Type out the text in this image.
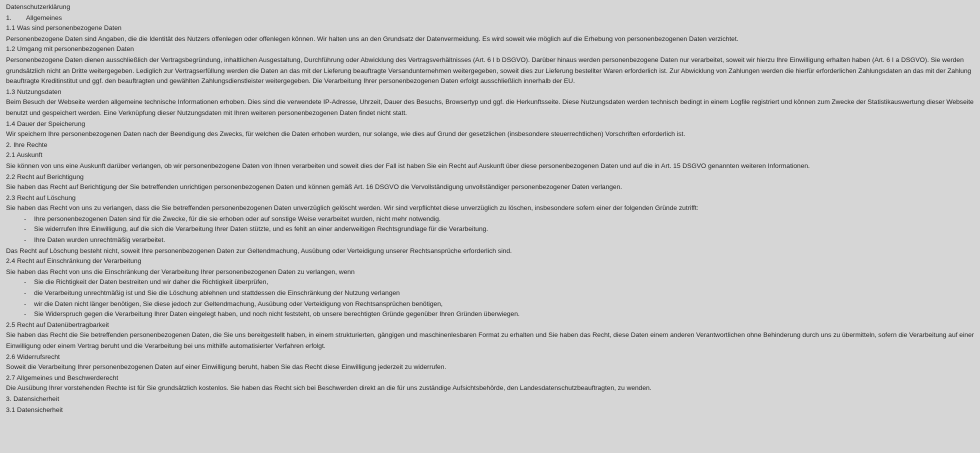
Datenschutzerklärung
1. Allgemeines
1.1 Was sind personenbezogene Daten
Personenbezogene Daten sind Angaben, die die Identität des Nutzers offenlegen oder offenlegen können. Wir halten uns an den Grundsatz der Datenvermeidung. Es wird soweit wie möglich auf die Erhebung von personenbezogenen Daten verzichtet.
1.2 Umgang mit personenbezogenen Daten
Personenbezogene Daten dienen ausschließlich der Vertragsbegründung, inhaltlichen Ausgestaltung, Durchführung oder Abwicklung des Vertragsverhältnisses (Art. 6 I b DSGVO). Darüber hinaus werden personenbezogene Daten nur verarbeitet, soweit wir hierzu Ihre Einwilligung erhalten haben (Art. 6 I a DSGVO). Sie werden grundsätzlich nicht an Dritte weitergegeben. Lediglich zur Vertragserfüllung werden die Daten an das mit der Lieferung beauftragte Versandunternehmen weitergegeben, soweit dies zur Lieferung bestellter Waren erforderlich ist. Zur Abwicklung von Zahlungen werden die hierfür erforderlichen Zahlungsdaten an das mit der Zahlung beauftragte Kreditinstitut und ggf. den beauftragten und gewählten Zahlungsdienstleister weitergegeben. Die Verarbeitung Ihrer personenbezogenen Daten erfolgt ausschließlich innerhalb der EU.
1.3 Nutzungsdaten
Beim Besuch der Webseite werden allgemeine technische Informationen erhoben. Dies sind die verwendete IP-Adresse, Uhrzeit, Dauer des Besuchs, Browsertyp und ggf. die Herkunftsseite. Diese Nutzungsdaten werden technisch bedingt in einem Logfile registriert und können zum Zwecke der Statistikauswertung dieser Webseite benutzt und gespeichert werden. Eine Verknüpfung dieser Nutzungsdaten mit Ihren weiteren personenbezogenen Daten findet nicht statt.
1.4 Dauer der Speicherung
Wir speichern Ihre personenbezogenen Daten nach der Beendigung des Zwecks, für welchen die Daten erhoben wurden, nur solange, wie dies auf Grund der gesetzlichen (insbesondere steuerrechtlichen) Vorschriften erforderlich ist.
2. Ihre Rechte
2.1 Auskunft
Sie können von uns eine Auskunft darüber verlangen, ob wir personenbezogene Daten von Ihnen verarbeiten und soweit dies der Fall ist haben Sie ein Recht auf Auskunft über diese personenbezogenen Daten und auf die in Art. 15 DSGVO genannten weiteren Informationen.
2.2 Recht auf Berichtigung
Sie haben das Recht auf Berichtigung der Sie betreffenden unrichtigen personenbezogenen Daten und können gemäß Art. 16 DSGVO die Vervollständigung unvollständiger personenbezogener Daten verlangen.
2.3 Recht auf Löschung
Sie haben das Recht von uns zu verlangen, dass die Sie betreffenden personenbezogenen Daten unverzüglich gelöscht werden. Wir sind verpflichtet diese unverzüglich zu löschen, insbesondere sofern einer der folgenden Gründe zutrifft:
- Ihre personenbezogenen Daten sind für die Zwecke, für die sie erhoben oder auf sonstige Weise verarbeitet wurden, nicht mehr notwendig.
- Sie widerrufen Ihre Einwilligung, auf die sich die Verarbeitung Ihrer Daten stützte, und es fehlt an einer anderweitigen Rechtsgrundlage für die Verarbeitung.
- Ihre Daten wurden unrechtmäßig verarbeitet.
Das Recht auf Löschung besteht nicht, soweit Ihre personenbezogenen Daten zur Geltendmachung, Ausübung oder Verteidigung unserer Rechtsansprüche erforderlich sind.
2.4 Recht auf Einschränkung der Verarbeitung
Sie haben das Recht von uns die Einschränkung der Verarbeitung Ihrer personenbezogenen Daten zu verlangen, wenn
- Sie die Richtigkeit der Daten bestreiten und wir daher die Richtigkeit überprüfen,
- die Verarbeitung unrechtmäßig ist und Sie die Löschung ablehnen und stattdessen die Einschränkung der Nutzung verlangen
- wir die Daten nicht länger benötigen, Sie diese jedoch zur Geltendmachung, Ausübung oder Verteidigung von Rechtsansprüchen benötigen,
- Sie Widerspruch gegen die Verarbeitung Ihrer Daten eingelegt haben, und noch nicht feststeht, ob unsere berechtigten Gründe gegenüber Ihren Gründen überwiegen.
2.5 Recht auf Datenübertragbarkeit
Sie haben das Recht die Sie betreffenden personenbezogenen Daten, die Sie uns bereitgestellt haben, in einem strukturierten, gängigen und maschinenlesbaren Format zu erhalten und Sie haben das Recht, diese Daten einem anderen Verantwortlichen ohne Behinderung durch uns zu übermitteln, sofern die Verarbeitung auf einer Einwilligung oder einem Vertrag beruht und die Verarbeitung bei uns mithilfe automatisierter Verfahren erfolgt.
2.6 Widerrufsrecht
Soweit die Verarbeitung Ihrer personenbezogenen Daten auf einer Einwilligung beruht, haben Sie das Recht diese Einwilligung jederzeit zu widerrufen.
2.7 Allgemeines und Beschwerderecht
Die Ausübung Ihrer vorstehenden Rechte ist für Sie grundsätzlich kostenlos. Sie haben das Recht sich bei Beschwerden direkt an die für uns zuständige Aufsichtsbehörde, den Landesdatenschutzbeauftragten, zu wenden.
3. Datensicherheit
3.1 Datensicherheit
